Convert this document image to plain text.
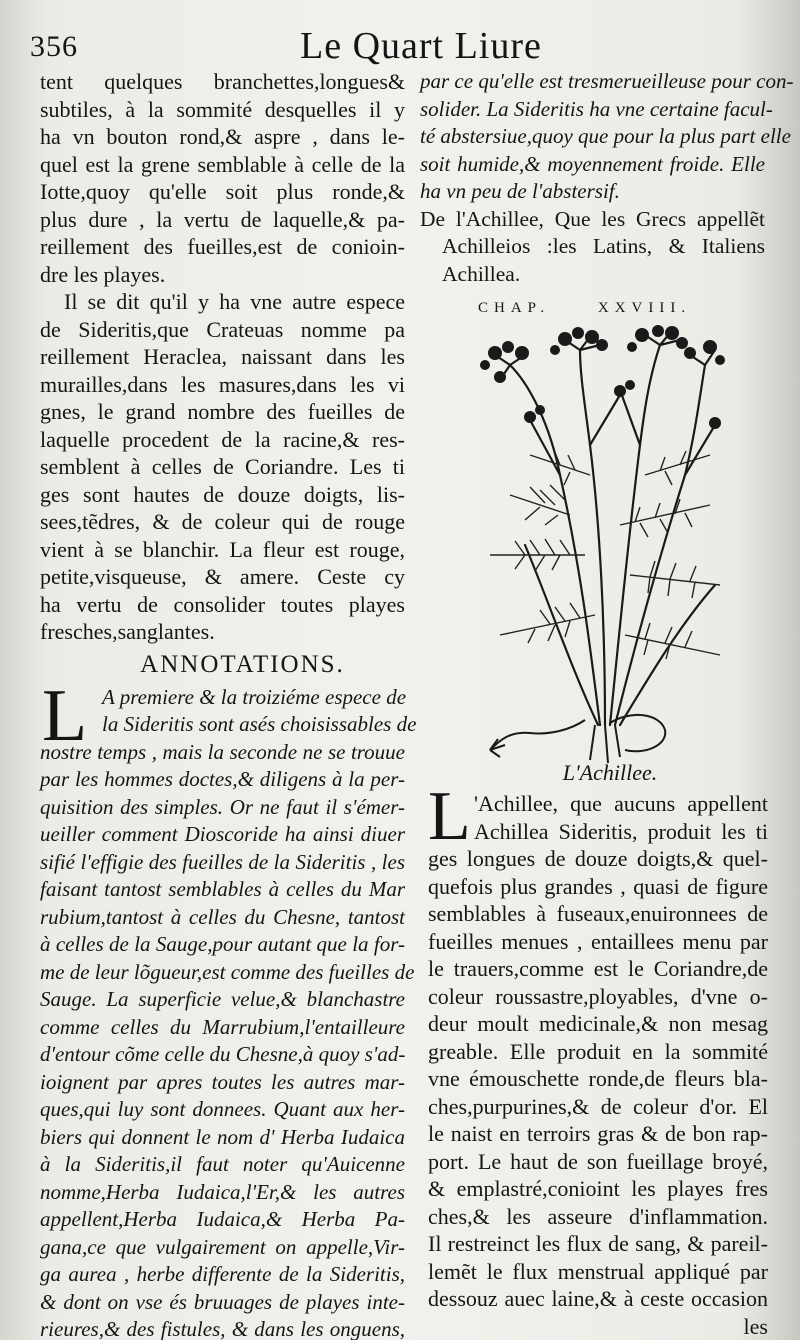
356	Le Quart Liure
tent quelques branchettes,longues&
subtiles, à la sommité desquelles il y
ha vn bouton rond,& aspre , dans le-
quel est la grene semblable à celle de la
Iotte,quoy qu'elle soit plus ronde,&
plus dure , la vertu de laquelle,& pa-
reillement des fueilles,est de conioin-
dre les playes.
Il se dit qu'il y ha vne autre espece
de Sideritis,que Crateuas nomme pa
reillement Heraclea, naissant dans les
murailles,dans les masures,dans les vi
gnes, le grand nombre des fueilles de
laquelle procedent de la racine,& res-
semblent à celles de Coriandre. Les ti
ges sont hautes de douze doigts, lis-
sees,tẽdres, & de coleur qui de rouge
vient à se blanchir. La fleur est rouge,
petite,visqueuse, & amere. Ceste cy
ha vertu de consolider toutes playes
fresches,sanglantes.
ANNOTATIONS.
L A premiere & la troiziéme espece de
la Sideritis sont asés choisissables de
nostre temps , mais la seconde ne se trouue
par les hommes doctes,& diligens à la per-
quisition des simples. Or ne faut il s'émer-
ueiller comment Dioscoride ha ainsi diuer
sifié l'effigie des fueilles de la Sideritis , les
faisant tantost semblables à celles du Mar
rubium,tantost à celles du Chesne, tantost
à celles de la Sauge,pour autant que la for-
me de leur lõgueur,est comme des fueilles de
Sauge. La superficie velue,& blanchastre
comme celles du Marrubium,l'entailleure
d'entour cõme celle du Chesne,à quoy s'ad-
ioignent par apres toutes les autres mar-
ques,qui luy sont donnees. Quant aux her-
biers qui donnent le nom d' Herba Iudaica
à la Sideritis,il faut noter qu'Auicenne
nomme,Herba Iudaica,l'Er,& les autres
appellent,Herba Iudaica,& Herba Pa-
gana,ce que vulgairement on appelle,Vir-
ga aurea , herbe differente de la Sideritis,
& dont on vse és bruuages de playes inte-
rieures,& des fistules, & dans les onguens,
par ce qu'elle est tresmerueilleuse pour con-
solider. La Sideritis ha vne certaine facul-
té abstersiue,quoy que pour la plus part elle
soit humide,& moyennement froide. Elle
ha vn peu de l'abstersif.
De l'Achillee, Que les Grecs appellẽt
Achilleios :les Latins, & Italiens
Achillea.
CHAP.	XXVIII.
L'Achillee.
L 'Achillee, que aucuns appellent
Achillea Sideritis, produit les ti
ges longues de douze doigts,& quel-
quefois plus grandes , quasi de figure
semblables à fuseaux,enuironnees de
fueilles menues , entaillees menu par
le trauers,comme est le Coriandre,de
coleur roussastre,ployables, d'vne o-
deur moult medicinale,& non mesag
greable. Elle produit en la sommité
vne émouschette ronde,de fleurs bla-
ches,purpurines,& de coleur d'or. El
le naist en terroirs gras & de bon rap-
port. Le haut de son fueillage broyé,
& emplastré,conioint les playes fres
ches,& les asseure d'inflammation.
Il restreinct les flux de sang, & pareil-
lemẽt le flux menstrual appliqué par
dessouz auec laine,& à ceste occasion
les
